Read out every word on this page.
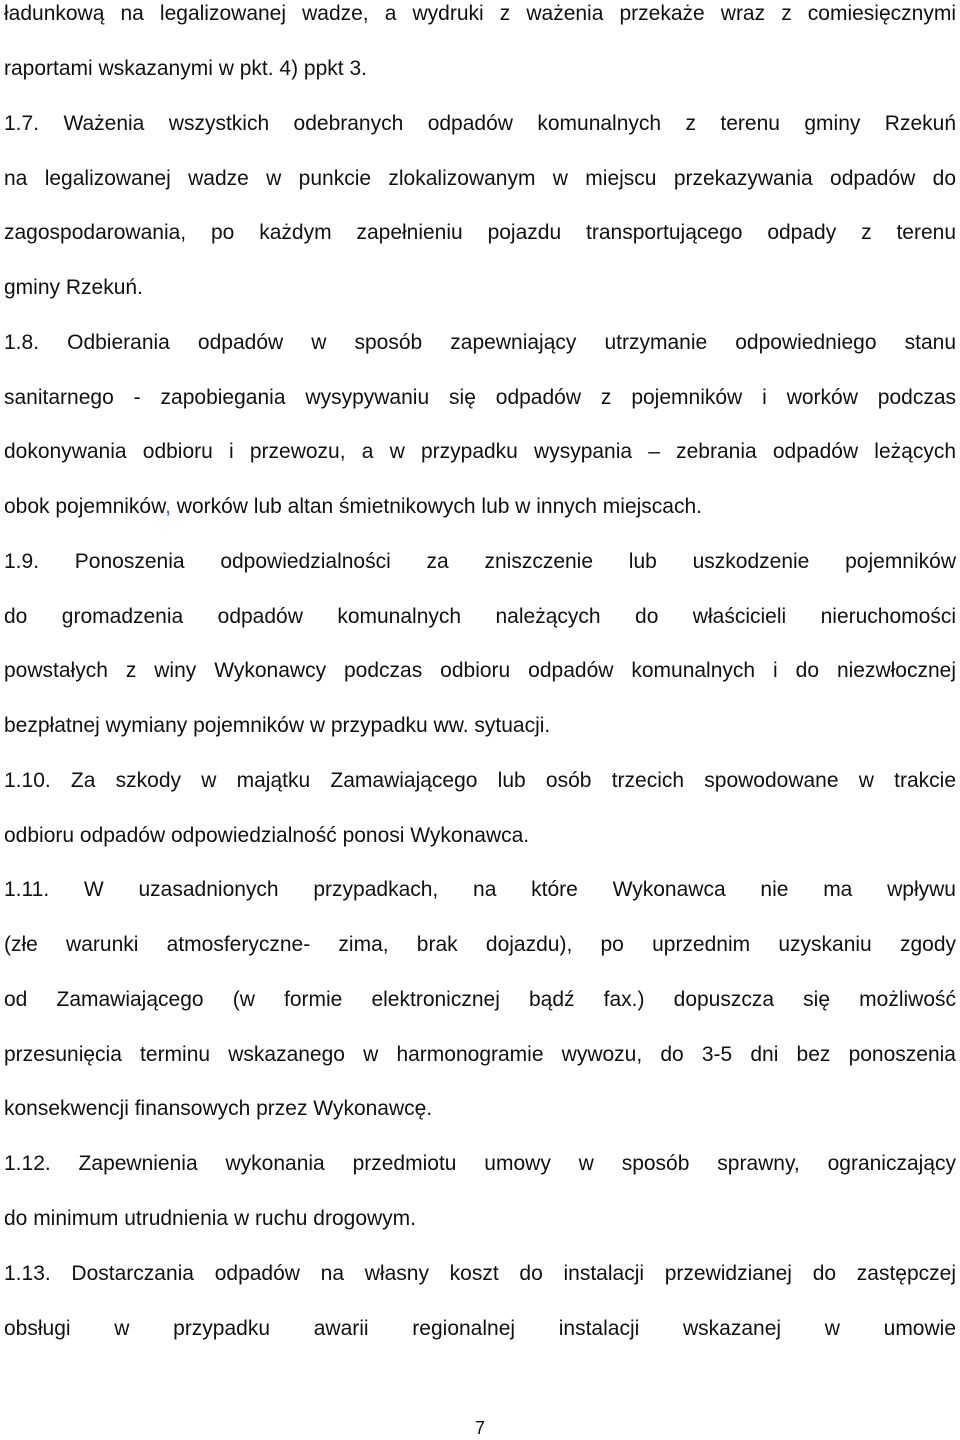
ładunkową na legalizowanej wadze, a wydruki z ważenia przekaże wraz z comiesięcznymi
raportami wskazanymi w pkt. 4) ppkt 3.
1.7. Ważenia wszystkich odebranych odpadów komunalnych z terenu gminy Rzekuń
na legalizowanej wadze w punkcie zlokalizowanym w miejscu przekazywania odpadów do
zagospodarowania, po każdym zapełnieniu pojazdu transportującego odpady z terenu
gminy Rzekuń.
1.8. Odbierania odpadów w sposób zapewniający utrzymanie odpowiedniego stanu
sanitarnego - zapobiegania wysypywaniu się odpadów z pojemników i worków podczas
dokonywania odbioru i przewozu, a w przypadku wysypania – zebrania odpadów leżących
obok pojemników, worków lub altan śmietnikowych lub w innych miejscach.
1.9. Ponoszenia odpowiedzialności za zniszczenie lub uszkodzenie pojemników
do gromadzenia odpadów komunalnych należących do właścicieli nieruchomości
powstałych z winy Wykonawcy podczas odbioru odpadów komunalnych i do niezwłocznej
bezpłatnej wymiany pojemników w przypadku ww. sytuacji.
1.10. Za szkody w majątku Zamawiającego lub osób trzecich spowodowane w trakcie
odbioru odpadów odpowiedzialność ponosi Wykonawca.
1.11. W uzasadnionych przypadkach, na które Wykonawca nie ma wpływu
(złe warunki atmosferyczne- zima, brak dojazdu), po uprzednim uzyskaniu zgody
od Zamawiającego (w formie elektronicznej bądź fax.) dopuszcza się możliwość
przesunięcia terminu wskazanego w harmonogramie wywozu, do 3-5 dni bez ponoszenia
konsekwencji finansowych przez Wykonawcę.
1.12. Zapewnienia wykonania przedmiotu umowy w sposób sprawny, ograniczający
do minimum utrudnienia w ruchu drogowym.
1.13. Dostarczania odpadów na własny koszt do instalacji przewidzianej do zastępczej
obsługi w przypadku awarii regionalnej instalacji wskazanej w umowie
7
